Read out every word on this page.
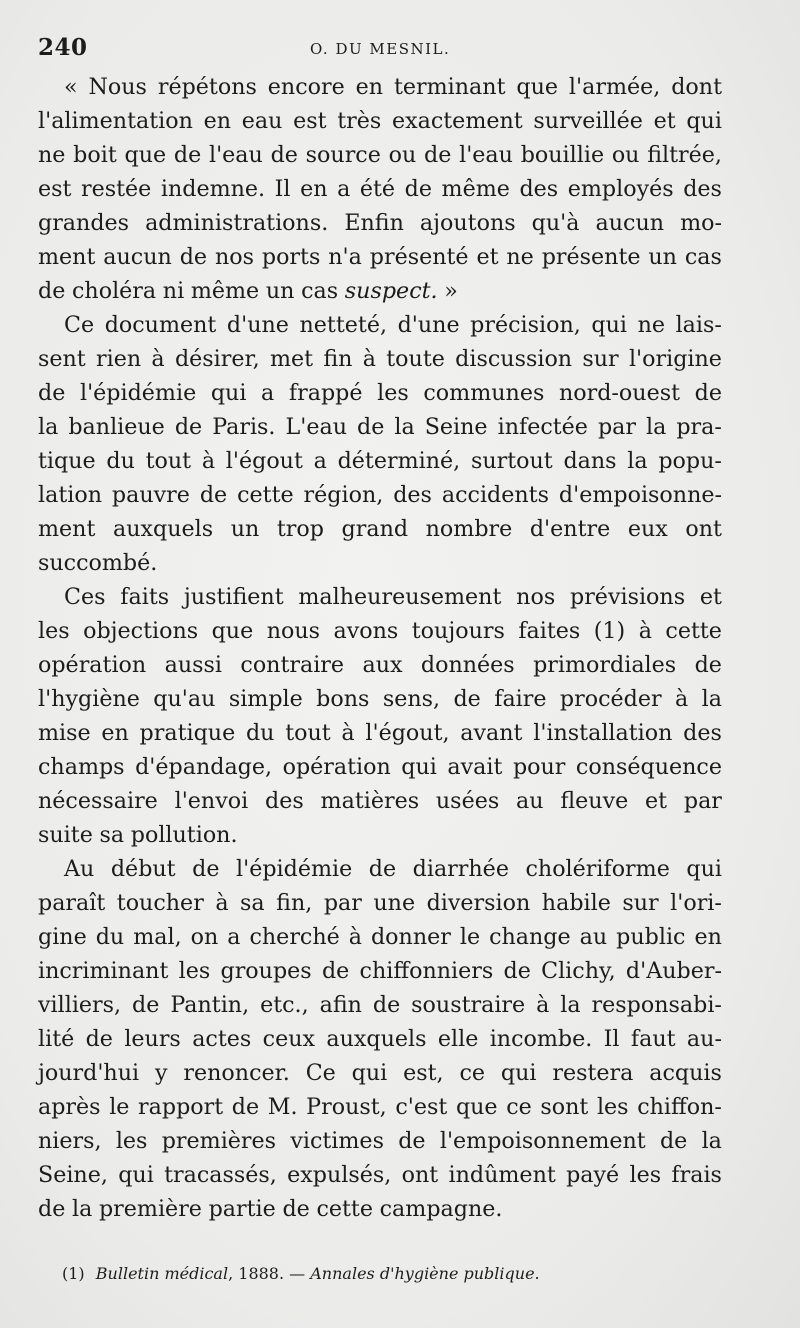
240	O. DU MESNIL.
« Nous répétons encore en terminant que l'armée, dont
l'alimentation en eau est très exactement surveillée et qui
ne boit que de l'eau de source ou de l'eau bouillie ou filtrée,
est restée indemne. Il en a été de même des employés des
grandes administrations. Enfin ajoutons qu'à aucun mo-
ment aucun de nos ports n'a présenté et ne présente un cas
de choléra ni même un cas suspect. »
Ce document d'une netteté, d'une précision, qui ne lais-
sent rien à désirer, met fin à toute discussion sur l'origine
de l'épidémie qui a frappé les communes nord-ouest de
la banlieue de Paris. L'eau de la Seine infectée par la pra-
tique du tout à l'égout a déterminé, surtout dans la popu-
lation pauvre de cette région, des accidents d'empoisonne-
ment auxquels un trop grand nombre d'entre eux ont
succombé.
Ces faits justifient malheureusement nos prévisions et
les objections que nous avons toujours faites (1) à cette
opération aussi contraire aux données primordiales de
l'hygiène qu'au simple bons sens, de faire procéder à la
mise en pratique du tout à l'égout, avant l'installation des
champs d'épandage, opération qui avait pour conséquence
nécessaire l'envoi des matières usées au fleuve et par
suite sa pollution.
Au début de l'épidémie de diarrhée cholériforme qui
paraît toucher à sa fin, par une diversion habile sur l'ori-
gine du mal, on a cherché à donner le change au public en
incriminant les groupes de chiffonniers de Clichy, d'Auber-
villiers, de Pantin, etc., afin de soustraire à la responsabi-
lité de leurs actes ceux auxquels elle incombe. Il faut au-
jourd'hui y renoncer. Ce qui est, ce qui restera acquis
après le rapport de M. Proust, c'est que ce sont les chiffon-
niers, les premières victimes de l'empoisonnement de la
Seine, qui tracassés, expulsés, ont indûment payé les frais
de la première partie de cette campagne.
(1) Bulletin médical, 1888. — Annales d'hygiène publique.
